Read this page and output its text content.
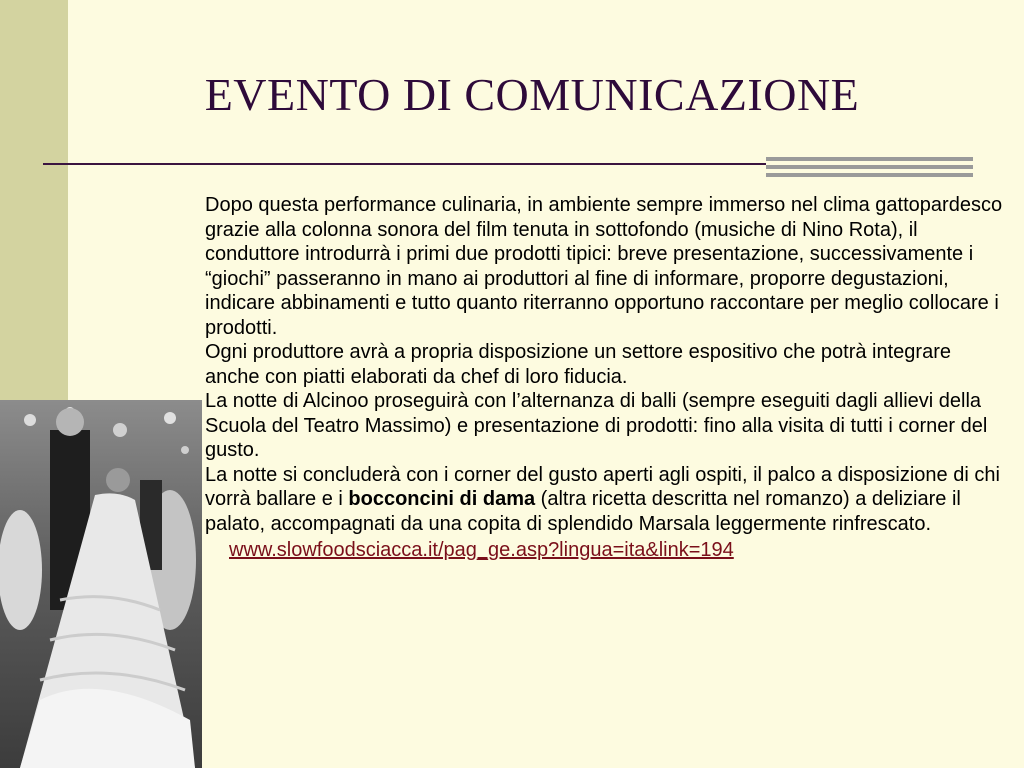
EVENTO DI COMUNICAZIONE

Dopo questa performance culinaria, in ambiente sempre immerso nel clima gattopardesco grazie alla colonna sonora del film tenuta in sottofondo (musiche di Nino Rota), il conduttore introdurrà i primi due prodotti tipici: breve presentazione, successivamente i “giochi” passeranno in mano ai produttori al fine di informare, proporre degustazioni, indicare abbinamenti e tutto quanto riterranno opportuno raccontare per meglio collocare i prodotti.

Ogni produttore avrà a propria disposizione un settore espositivo che potrà integrare anche con piatti elaborati da chef di loro fiducia.

La notte di Alcinoo proseguirà con l’alternanza di balli (sempre eseguiti dagli allievi della Scuola del Teatro Massimo) e presentazione di prodotti: fino alla visita di tutti i corner del gusto.

La notte si concluderà con i corner del gusto aperti agli ospiti, il palco a disposizione di chi vorrà ballare e i bocconcini di dama (altra ricetta descritta nel romanzo) a deliziare il palato, accompagnati da una copita di splendido Marsala leggermente rinfrescato.

www.slowfoodsciacca.it/pag_ge.asp?lingua=ita&link=194
